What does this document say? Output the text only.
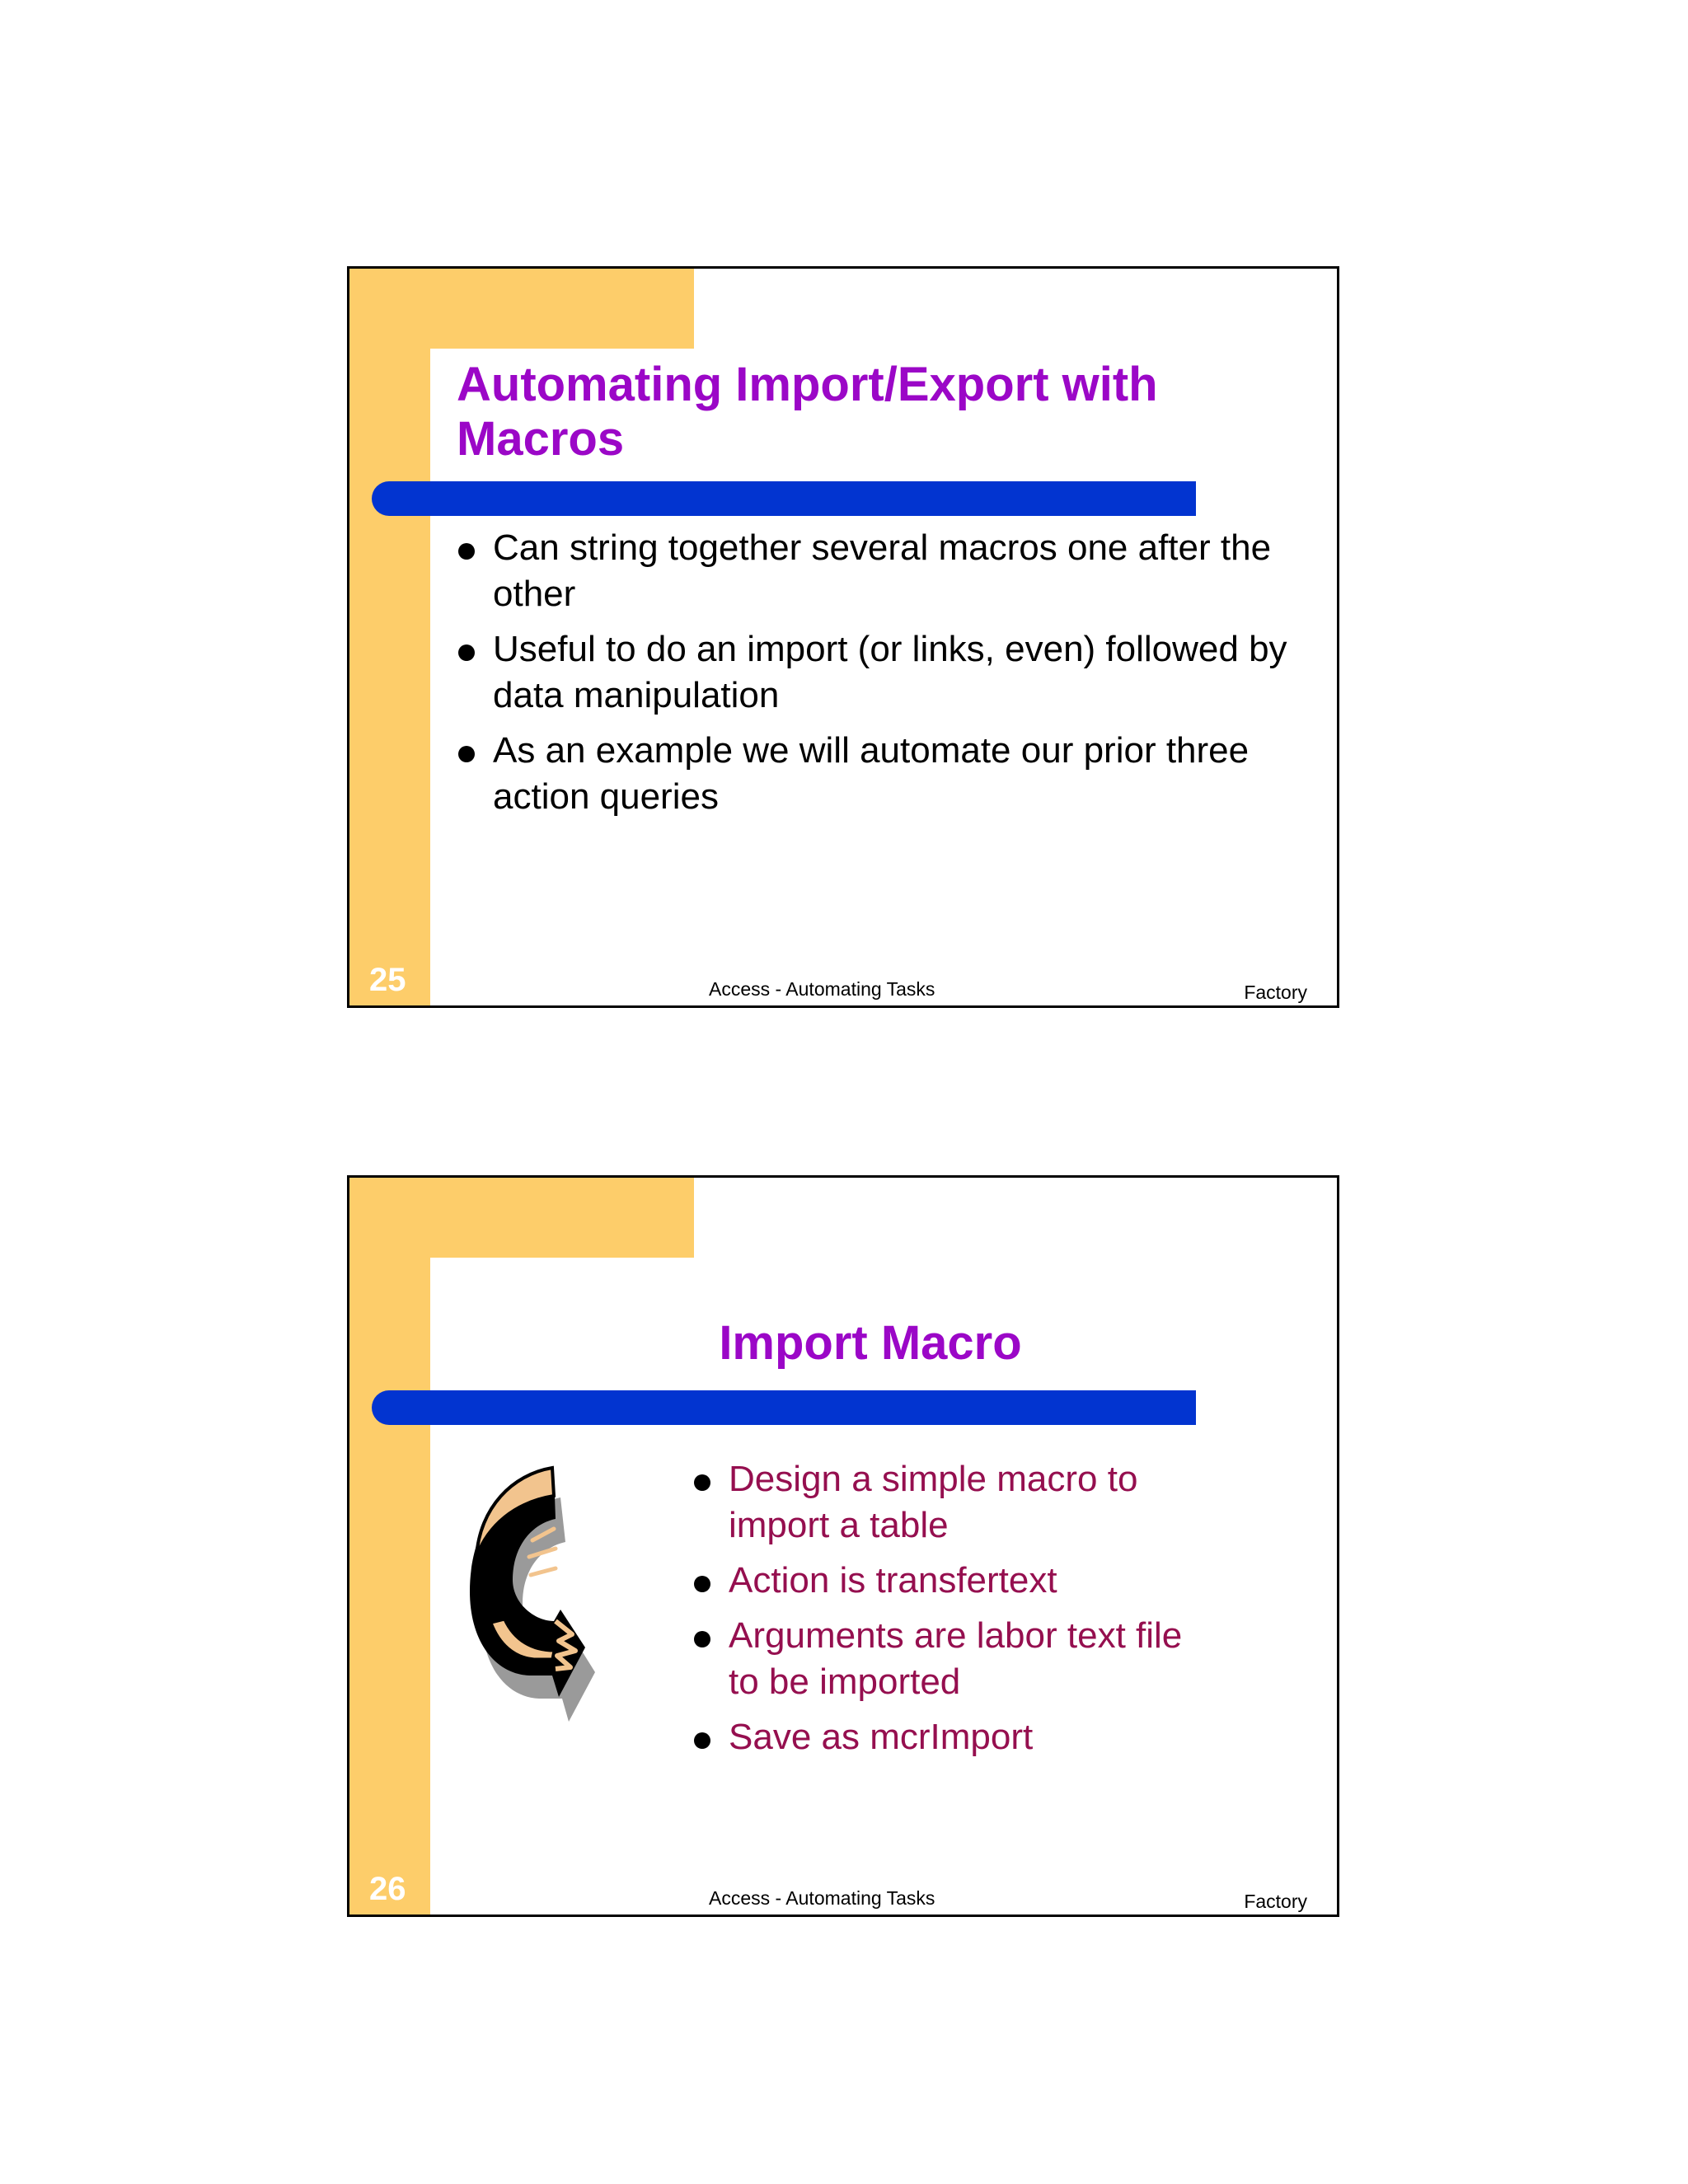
Automating Import/Export with Macros
Can string together several macros one after the other
Useful to do an import (or links, even) followed by data manipulation
As an example we will automate our prior three action queries
25	Access - Automating Tasks	Factory
Import Macro
Design a simple macro to import a table
Action is transfertext
Arguments are labor text file to be imported
Save as mcrImport
26	Access - Automating Tasks	Factory
